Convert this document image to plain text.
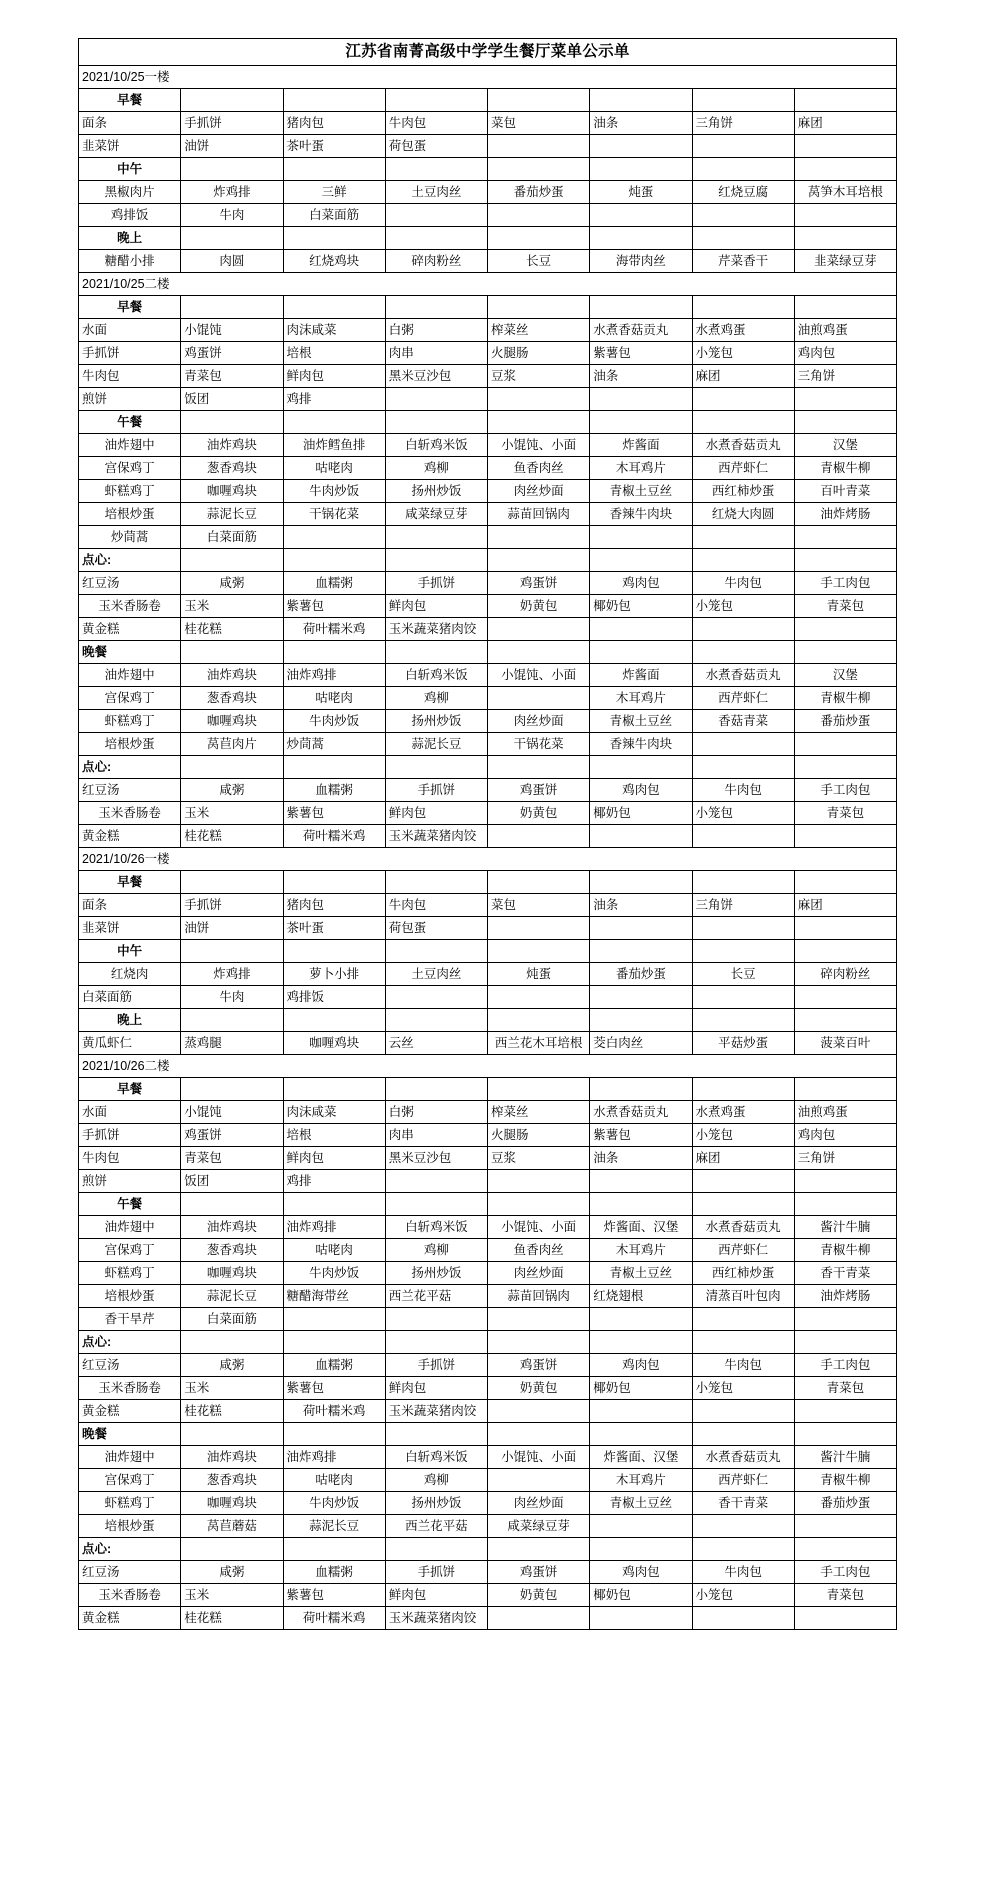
江苏省南菁高级中学学生餐厅菜单公示单							
2021/10/25一楼							
早餐							
面条	手抓饼	猪肉包	牛肉包	菜包	油条	三角饼	麻团
韭菜饼	油饼	茶叶蛋	荷包蛋				
中午							
黑椒肉片	炸鸡排	三鲜	土豆肉丝	番茄炒蛋	炖蛋	红烧豆腐	莴笋木耳培根
鸡排饭	牛肉	白菜面筋					
晚上							
糖醋小排	肉圆	红烧鸡块	碎肉粉丝	长豆	海带肉丝	芹菜香干	韭菜绿豆芽
2021/10/25二楼							
早餐							
水面	小馄饨	肉沫咸菜	白粥	榨菜丝	水煮香菇贡丸	水煮鸡蛋	油煎鸡蛋
手抓饼	鸡蛋饼	培根	肉串	火腿肠	紫薯包	小笼包	鸡肉包
牛肉包	青菜包	鲜肉包	黑米豆沙包	豆浆	油条	麻团	三角饼
煎饼	饭团	鸡排					
午餐							
油炸翅中	油炸鸡块	油炸鳕鱼排	白斩鸡米饭	小馄饨、小面	炸酱面	水煮香菇贡丸	汉堡
宫保鸡丁	葱香鸡块	咕咾肉	鸡柳	鱼香肉丝	木耳鸡片	西芹虾仁	青椒牛柳
虾糕鸡丁	咖喱鸡块	牛肉炒饭	扬州炒饭	肉丝炒面	青椒土豆丝	西红柿炒蛋	百叶青菜
培根炒蛋	蒜泥长豆	干锅花菜	咸菜绿豆芽	蒜苗回锅肉	香辣牛肉块	红烧大肉圆	油炸烤肠
炒茼蒿	白菜面筋						
点心:							
红豆汤	咸粥	血糯粥	手抓饼	鸡蛋饼	鸡肉包	牛肉包	手工肉包
玉米香肠卷	玉米	紫薯包	鲜肉包	奶黄包	椰奶包	小笼包	青菜包
黄金糕	桂花糕	荷叶糯米鸡	玉米蔬菜猪肉饺				
晚餐							
油炸翅中	油炸鸡块	油炸鸡排	白斩鸡米饭	小馄饨、小面	炸酱面	水煮香菇贡丸	汉堡
宫保鸡丁	葱香鸡块	咕咾肉	鸡柳		木耳鸡片	西芹虾仁	青椒牛柳
虾糕鸡丁	咖喱鸡块	牛肉炒饭	扬州炒饭	肉丝炒面	青椒土豆丝	香菇青菜	番茄炒蛋
培根炒蛋	莴苣肉片	炒茼蒿	蒜泥长豆	干锅花菜	香辣牛肉块		
点心:							
红豆汤	咸粥	血糯粥	手抓饼	鸡蛋饼	鸡肉包	牛肉包	手工肉包
玉米香肠卷	玉米	紫薯包	鲜肉包	奶黄包	椰奶包	小笼包	青菜包
黄金糕	桂花糕	荷叶糯米鸡	玉米蔬菜猪肉饺				
2021/10/26一楼							
早餐							
面条	手抓饼	猪肉包	牛肉包	菜包	油条	三角饼	麻团
韭菜饼	油饼	茶叶蛋	荷包蛋				
中午							
红烧肉	炸鸡排	萝卜小排	土豆肉丝	炖蛋	番茄炒蛋	长豆	碎肉粉丝
白菜面筋	牛肉	鸡排饭					
晚上							
黄瓜虾仁	蒸鸡腿	咖喱鸡块	云丝	西兰花木耳培根	茭白肉丝	平菇炒蛋	菠菜百叶
2021/10/26二楼							
早餐							
水面	小馄饨	肉沫咸菜	白粥	榨菜丝	水煮香菇贡丸	水煮鸡蛋	油煎鸡蛋
手抓饼	鸡蛋饼	培根	肉串	火腿肠	紫薯包	小笼包	鸡肉包
牛肉包	青菜包	鲜肉包	黑米豆沙包	豆浆	油条	麻团	三角饼
煎饼	饭团	鸡排					
午餐							
油炸翅中	油炸鸡块	油炸鸡排	白斩鸡米饭	小馄饨、小面	炸酱面、汉堡	水煮香菇贡丸	酱汁牛腩
宫保鸡丁	葱香鸡块	咕咾肉	鸡柳	鱼香肉丝	木耳鸡片	西芹虾仁	青椒牛柳
虾糕鸡丁	咖喱鸡块	牛肉炒饭	扬州炒饭	肉丝炒面	青椒土豆丝	西红柿炒蛋	香干青菜
培根炒蛋	蒜泥长豆	糖醋海带丝	西兰花平菇	蒜苗回锅肉	红烧翅根	清蒸百叶包肉	油炸烤肠
香干旱芹	白菜面筋						
点心:							
红豆汤	咸粥	血糯粥	手抓饼	鸡蛋饼	鸡肉包	牛肉包	手工肉包
玉米香肠卷	玉米	紫薯包	鲜肉包	奶黄包	椰奶包	小笼包	青菜包
黄金糕	桂花糕	荷叶糯米鸡	玉米蔬菜猪肉饺				
晚餐							
油炸翅中	油炸鸡块	油炸鸡排	白斩鸡米饭	小馄饨、小面	炸酱面、汉堡	水煮香菇贡丸	酱汁牛腩
宫保鸡丁	葱香鸡块	咕咾肉	鸡柳		木耳鸡片	西芹虾仁	青椒牛柳
虾糕鸡丁	咖喱鸡块	牛肉炒饭	扬州炒饭	肉丝炒面	青椒土豆丝	香干青菜	番茄炒蛋
培根炒蛋	莴苣蘑菇	蒜泥长豆	西兰花平菇	咸菜绿豆芽			
点心:							
红豆汤	咸粥	血糯粥	手抓饼	鸡蛋饼	鸡肉包	牛肉包	手工肉包
玉米香肠卷	玉米	紫薯包	鲜肉包	奶黄包	椰奶包	小笼包	青菜包
黄金糕	桂花糕	荷叶糯米鸡	玉米蔬菜猪肉饺				
